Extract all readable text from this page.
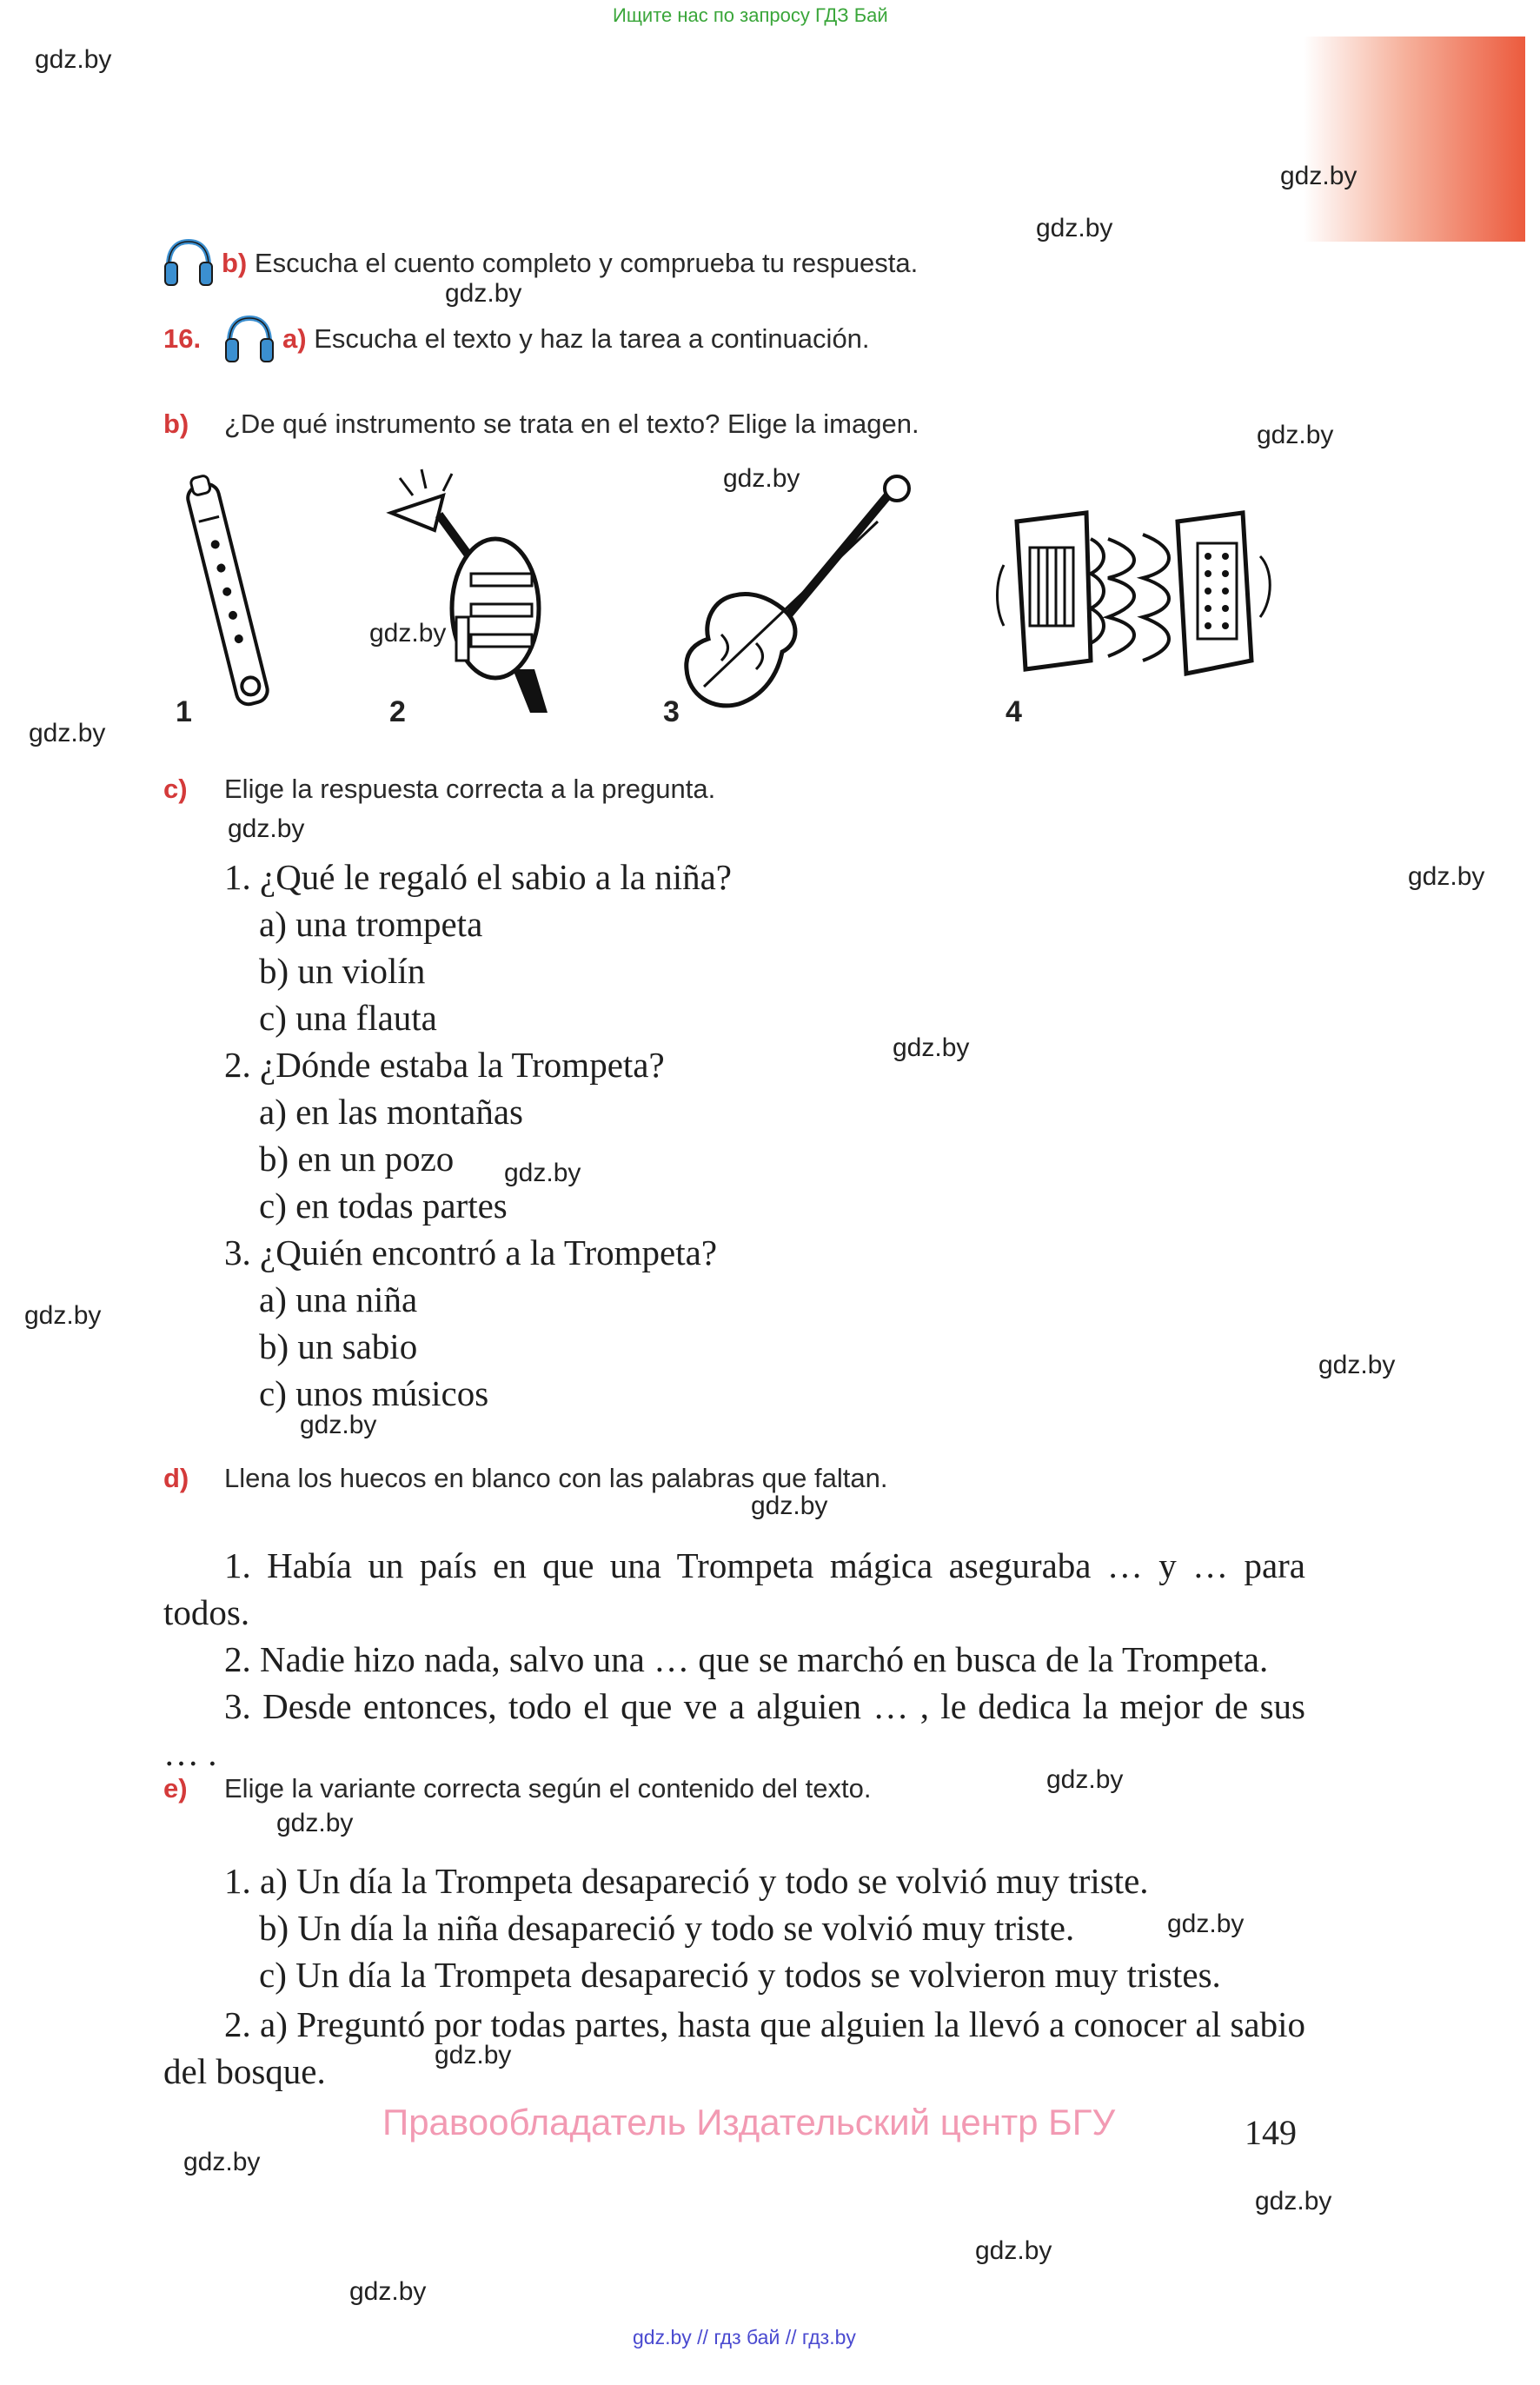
Ищите нас по запросу ГДЗ Бай
gdz.by
gdz.by
gdz.by
gdz.by
gdz.by
gdz.by
gdz.by
gdz.by
gdz.by
gdz.by
gdz.by
gdz.by
gdz.by
gdz.by
gdz.by
gdz.by
gdz.by
gdz.by
gdz.by
gdz.by
gdz.by
gdz.by
gdz.by
gdz.by
b) Escucha el cuento completo y comprueba tu respuesta.
16.	a) Escucha el texto y haz la tarea a continuación.
b) ¿De qué instrumento se trata en el texto? Elige la imagen.
1	2	3	4
c) Elige la respuesta correcta a la pregunta.
1. ¿Qué le regaló el sabio a la niña?
a) una trompeta
b) un violín
c) una flauta
2. ¿Dónde estaba la Trompeta?
a) en las montañas
b) en un pozo
c) en todas partes
3. ¿Quién encontró a la Trompeta?
a) una niña
b) un sabio
c) unos músicos
d) Llena los huecos en blanco con las palabras que faltan.
1. Había un país en que una Trompeta mágica aseguraba … y … para todos.
2. Nadie hizo nada, salvo una … que se marchó en busca de la Trompeta.
3. Desde entonces, todo el que ve a alguien … , le dedica la mejor de sus … .
e) Elige la variante correcta según el contenido del texto.
1. a) Un día la Trompeta desapareció y todo se volvió muy triste.
b) Un día la niña desapareció y todo se volvió muy triste.
c) Un día la Trompeta desapareció y todos se volvieron muy tristes.
2. a) Preguntó por todas partes, hasta que alguien la llevó a conocer al sabio del bosque.
Правообладатель Издательский центр БГУ	149
gdz.by // гдз бай // гдз.by
